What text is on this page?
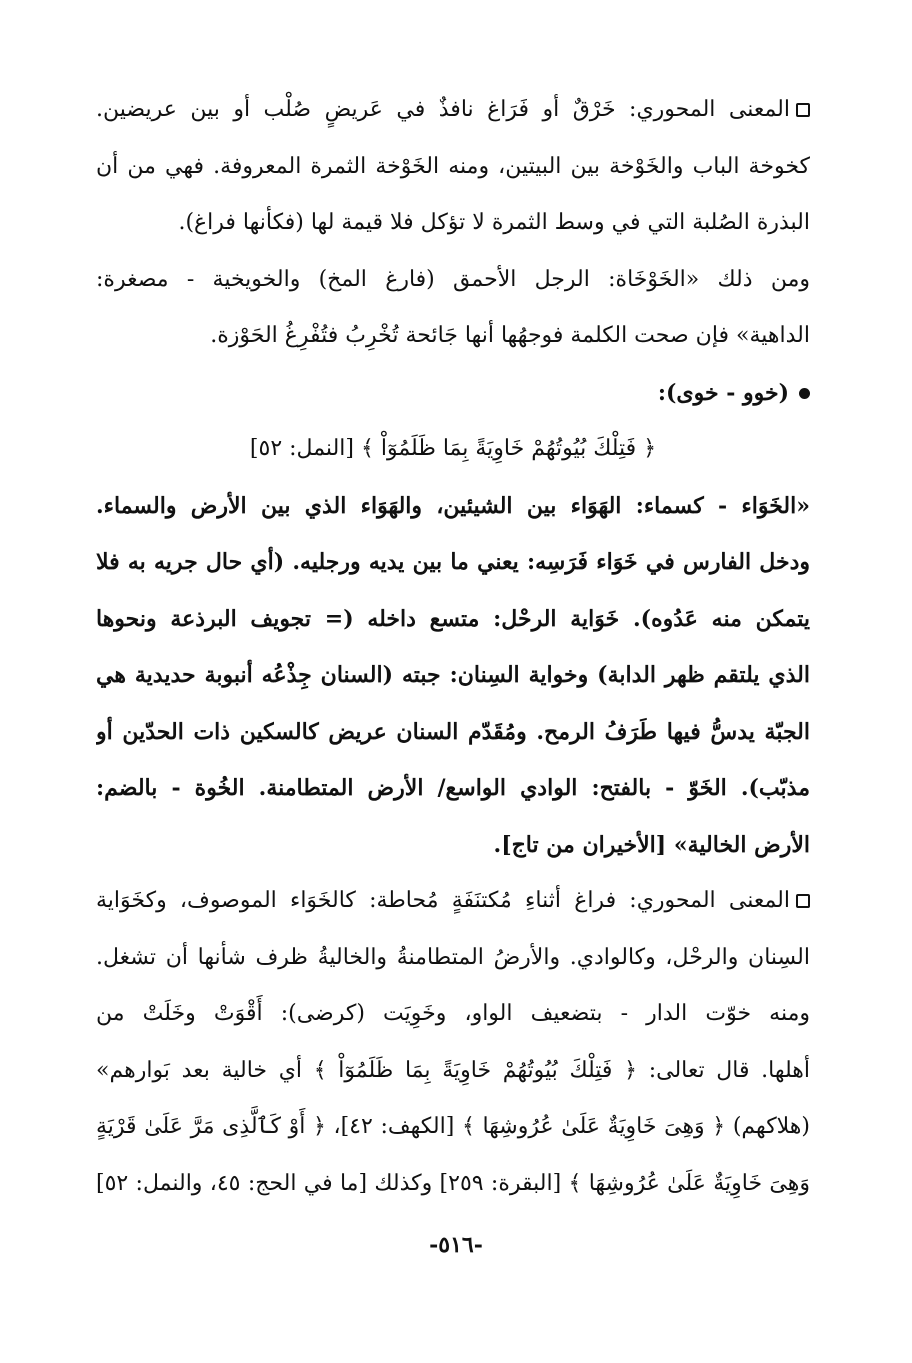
المعنى المحوري: خَرْقٌ أو فَرَاغ نافذٌ في عَريضٍ صُلْب أو بين عريضين.
كخوخة الباب والخَوْخة بين البيتين، ومنه الخَوْخة الثمرة المعروفة. فهي من أن
البذرة الصُلبة التي في وسط الثمرة لا تؤكل فلا قيمة لها (فكأنها فراغ).
ومن ذلك «الخَوْخَاة: الرجل الأحمق (فارغ المخ) والخويخية - مصغرة:
الداهية» فإن صحت الكلمة فوجهُها أنها جَائحة تُخْرِبُ فتُفْرِغُ الحَوْزة.
(خوو - خوى):
﴿ فَتِلْكَ بُيُوتُهُمْ خَاوِيَةً بِمَا ظَلَمُوٓاْ ﴾ [النمل: ٥٢]
«الخَوَاء - كسماء: الهَوَاء بين الشيئين، والهَوَاء الذي بين الأرض والسماء.
ودخل الفارس في خَوَاء فَرَسِه: يعني ما بين يديه ورجليه. (أي حال جريه به فلا
يتمكن منه عَدُوه). خَوَاية الرحْل: متسع داخله (= تجويف البرذعة ونحوها
الذي يلتقم ظهر الدابة) وخواية السِنان: جبته (السنان جِذْعُه أنبوبة حديدية هي
الجبّة يدسُّ فيها طَرَفُ الرمح. ومُقَدّم السنان عريض كالسكين ذات الحدّين أو
مذبّب). الخَوّ - بالفتح: الوادي الواسع/ الأرض المتطامنة. الخُوة - بالضم:
الأرض الخالية» [الأخيران من تاج].
المعنى المحوري: فراغ أثناءِ مُكتنَفَةٍ مُحاطة: كالخَوَاء الموصوف، وكخَوَاية
السِنان والرحْل، وكالوادي. والأرضُ المتطامنةُ والخاليةُ ظرف شأنها أن تشغل.
ومنه خوّت الدار - بتضعيف الواو، وخَوِيَت (كرضى): أَقْوَتْ وخَلَتْ من
أهلها. قال تعالى: ﴿ فَتِلْكَ بُيُوتُهُمْ خَاوِيَةً بِمَا ظَلَمُوٓاْ ﴾ أي خالية بعد بَوارهم»
(هلاكهم) ﴿ وَهِىَ خَاوِيَةٌ عَلَىٰ عُرُوشِهَا ﴾ [الكهف: ٤٢]، ﴿ أَوْ كَٱلَّذِى مَرَّ عَلَىٰ قَرْيَةٍ
وَهِىَ خَاوِيَةٌ عَلَىٰ عُرُوشِهَا ﴾ [البقرة: ٢٥٩] وكذلك [ما في الحج: ٤٥، والنمل: ٥٢]
-٥١٦-
